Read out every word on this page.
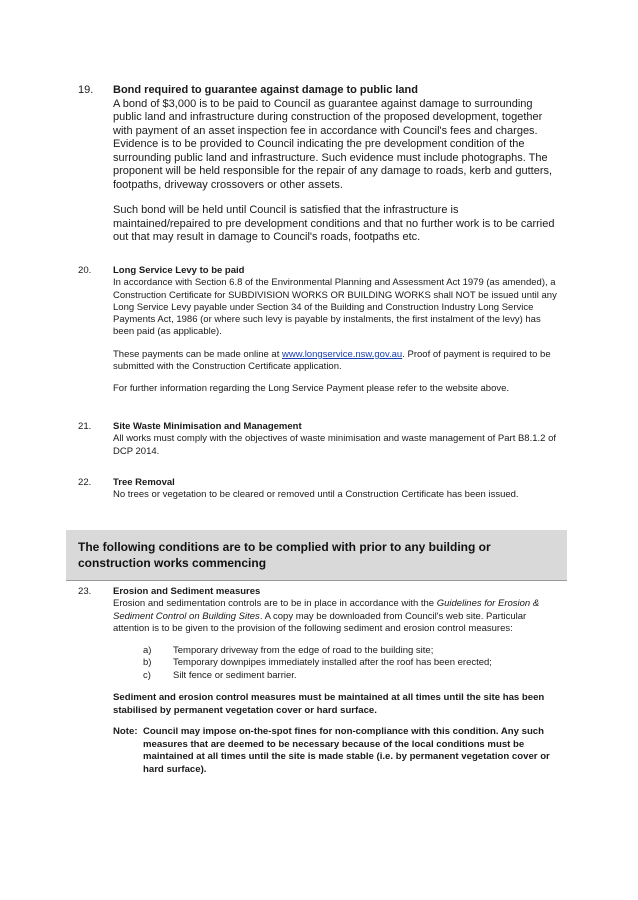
19. Bond required to guarantee against damage to public land

A bond of $3,000 is to be paid to Council as guarantee against damage to surrounding public land and infrastructure during construction of the proposed development, together with payment of an asset inspection fee in accordance with Council's fees and charges. Evidence is to be provided to Council indicating the pre development condition of the surrounding public land and infrastructure. Such evidence must include photographs. The proponent will be held responsible for the repair of any damage to roads, kerb and gutters, footpaths, driveway crossovers or other assets.

Such bond will be held until Council is satisfied that the infrastructure is maintained/repaired to pre development conditions and that no further work is to be carried out that may result in damage to Council's roads, footpaths etc.

20. Long Service Levy to be paid

In accordance with Section 6.8 of the Environmental Planning and Assessment Act 1979 (as amended), a Construction Certificate for SUBDIVISION WORKS OR BUILDING WORKS shall NOT be issued until any Long Service Levy payable under Section 34 of the Building and Construction Industry Long Service Payments Act, 1986 (or where such levy is payable by instalments, the first instalment of the levy) has been paid (as applicable).

These payments can be made online at www.longservice.nsw.gov.au. Proof of payment is required to be submitted with the Construction Certificate application.

For further information regarding the Long Service Payment please refer to the website above.

21. Site Waste Minimisation and Management

All works must comply with the objectives of waste minimisation and waste management of Part B8.1.2 of DCP 2014.

22. Tree Removal

No trees or vegetation to be cleared or removed until a Construction Certificate has been issued.

The following conditions are to be complied with prior to any building or construction works commencing
23. Erosion and Sediment measures

Erosion and sedimentation controls are to be in place in accordance with the Guidelines for Erosion & Sediment Control on Building Sites. A copy may be downloaded from Council's web site. Particular attention is to be given to the provision of the following sediment and erosion control measures:

a) Temporary driveway from the edge of road to the building site;
b) Temporary downpipes immediately installed after the roof has been erected;
c) Silt fence or sediment barrier.

Sediment and erosion control measures must be maintained at all times until the site has been stabilised by permanent vegetation cover or hard surface.

Note: Council may impose on-the-spot fines for non-compliance with this condition. Any such measures that are deemed to be necessary because of the local conditions must be maintained at all times until the site is made stable (i.e. by permanent vegetation cover or hard surface).
